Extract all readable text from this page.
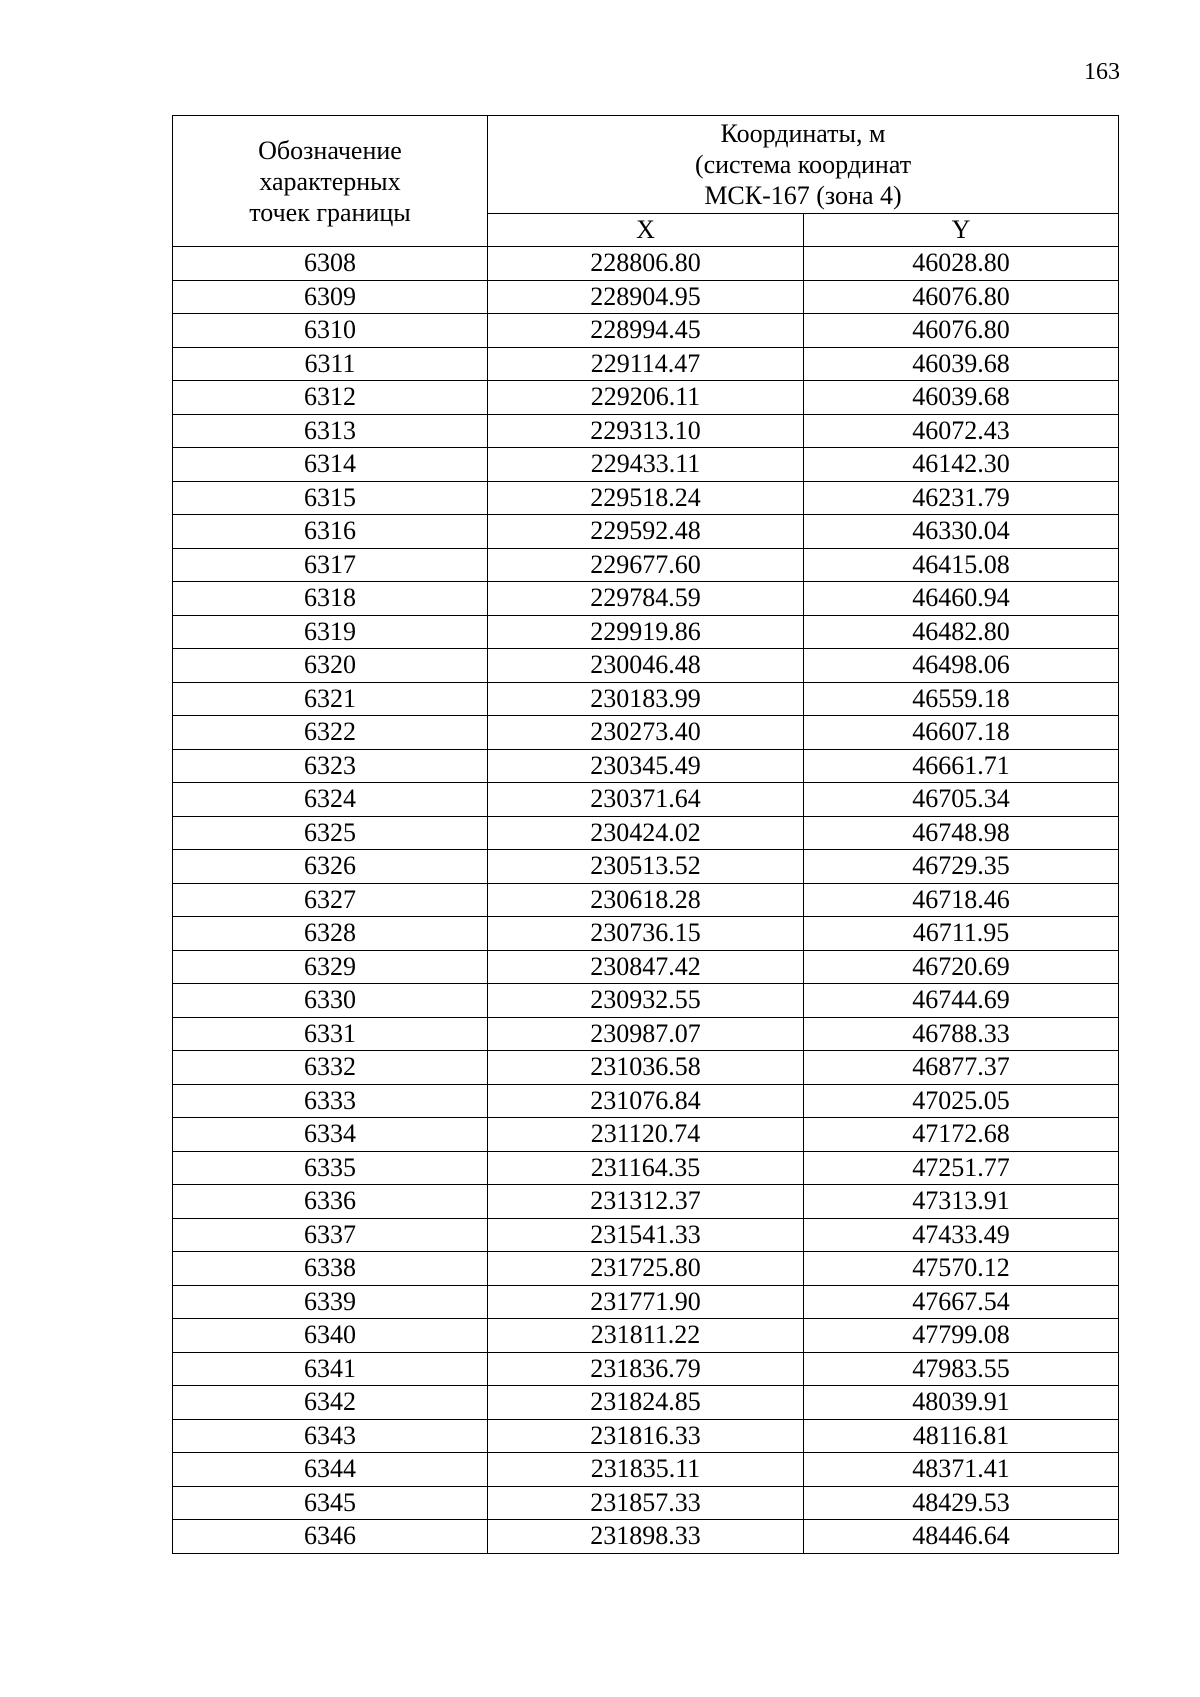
163
Обозначение
характерных
точек границы	Координаты, м
(система координат
МСК-167 (зона 4)	

	X	Y
6308	228806.80	46028.80
6309	228904.95	46076.80
6310	228994.45	46076.80
6311	229114.47	46039.68
6312	229206.11	46039.68
6313	229313.10	46072.43
6314	229433.11	46142.30
6315	229518.24	46231.79
6316	229592.48	46330.04
6317	229677.60	46415.08
6318	229784.59	46460.94
6319	229919.86	46482.80
6320	230046.48	46498.06
6321	230183.99	46559.18
6322	230273.40	46607.18
6323	230345.49	46661.71
6324	230371.64	46705.34
6325	230424.02	46748.98
6326	230513.52	46729.35
6327	230618.28	46718.46
6328	230736.15	46711.95
6329	230847.42	46720.69
6330	230932.55	46744.69
6331	230987.07	46788.33
6332	231036.58	46877.37
6333	231076.84	47025.05
6334	231120.74	47172.68
6335	231164.35	47251.77
6336	231312.37	47313.91
6337	231541.33	47433.49
6338	231725.80	47570.12
6339	231771.90	47667.54
6340	231811.22	47799.08
6341	231836.79	47983.55
6342	231824.85	48039.91
6343	231816.33	48116.81
6344	231835.11	48371.41
6345	231857.33	48429.53
6346	231898.33	48446.64
